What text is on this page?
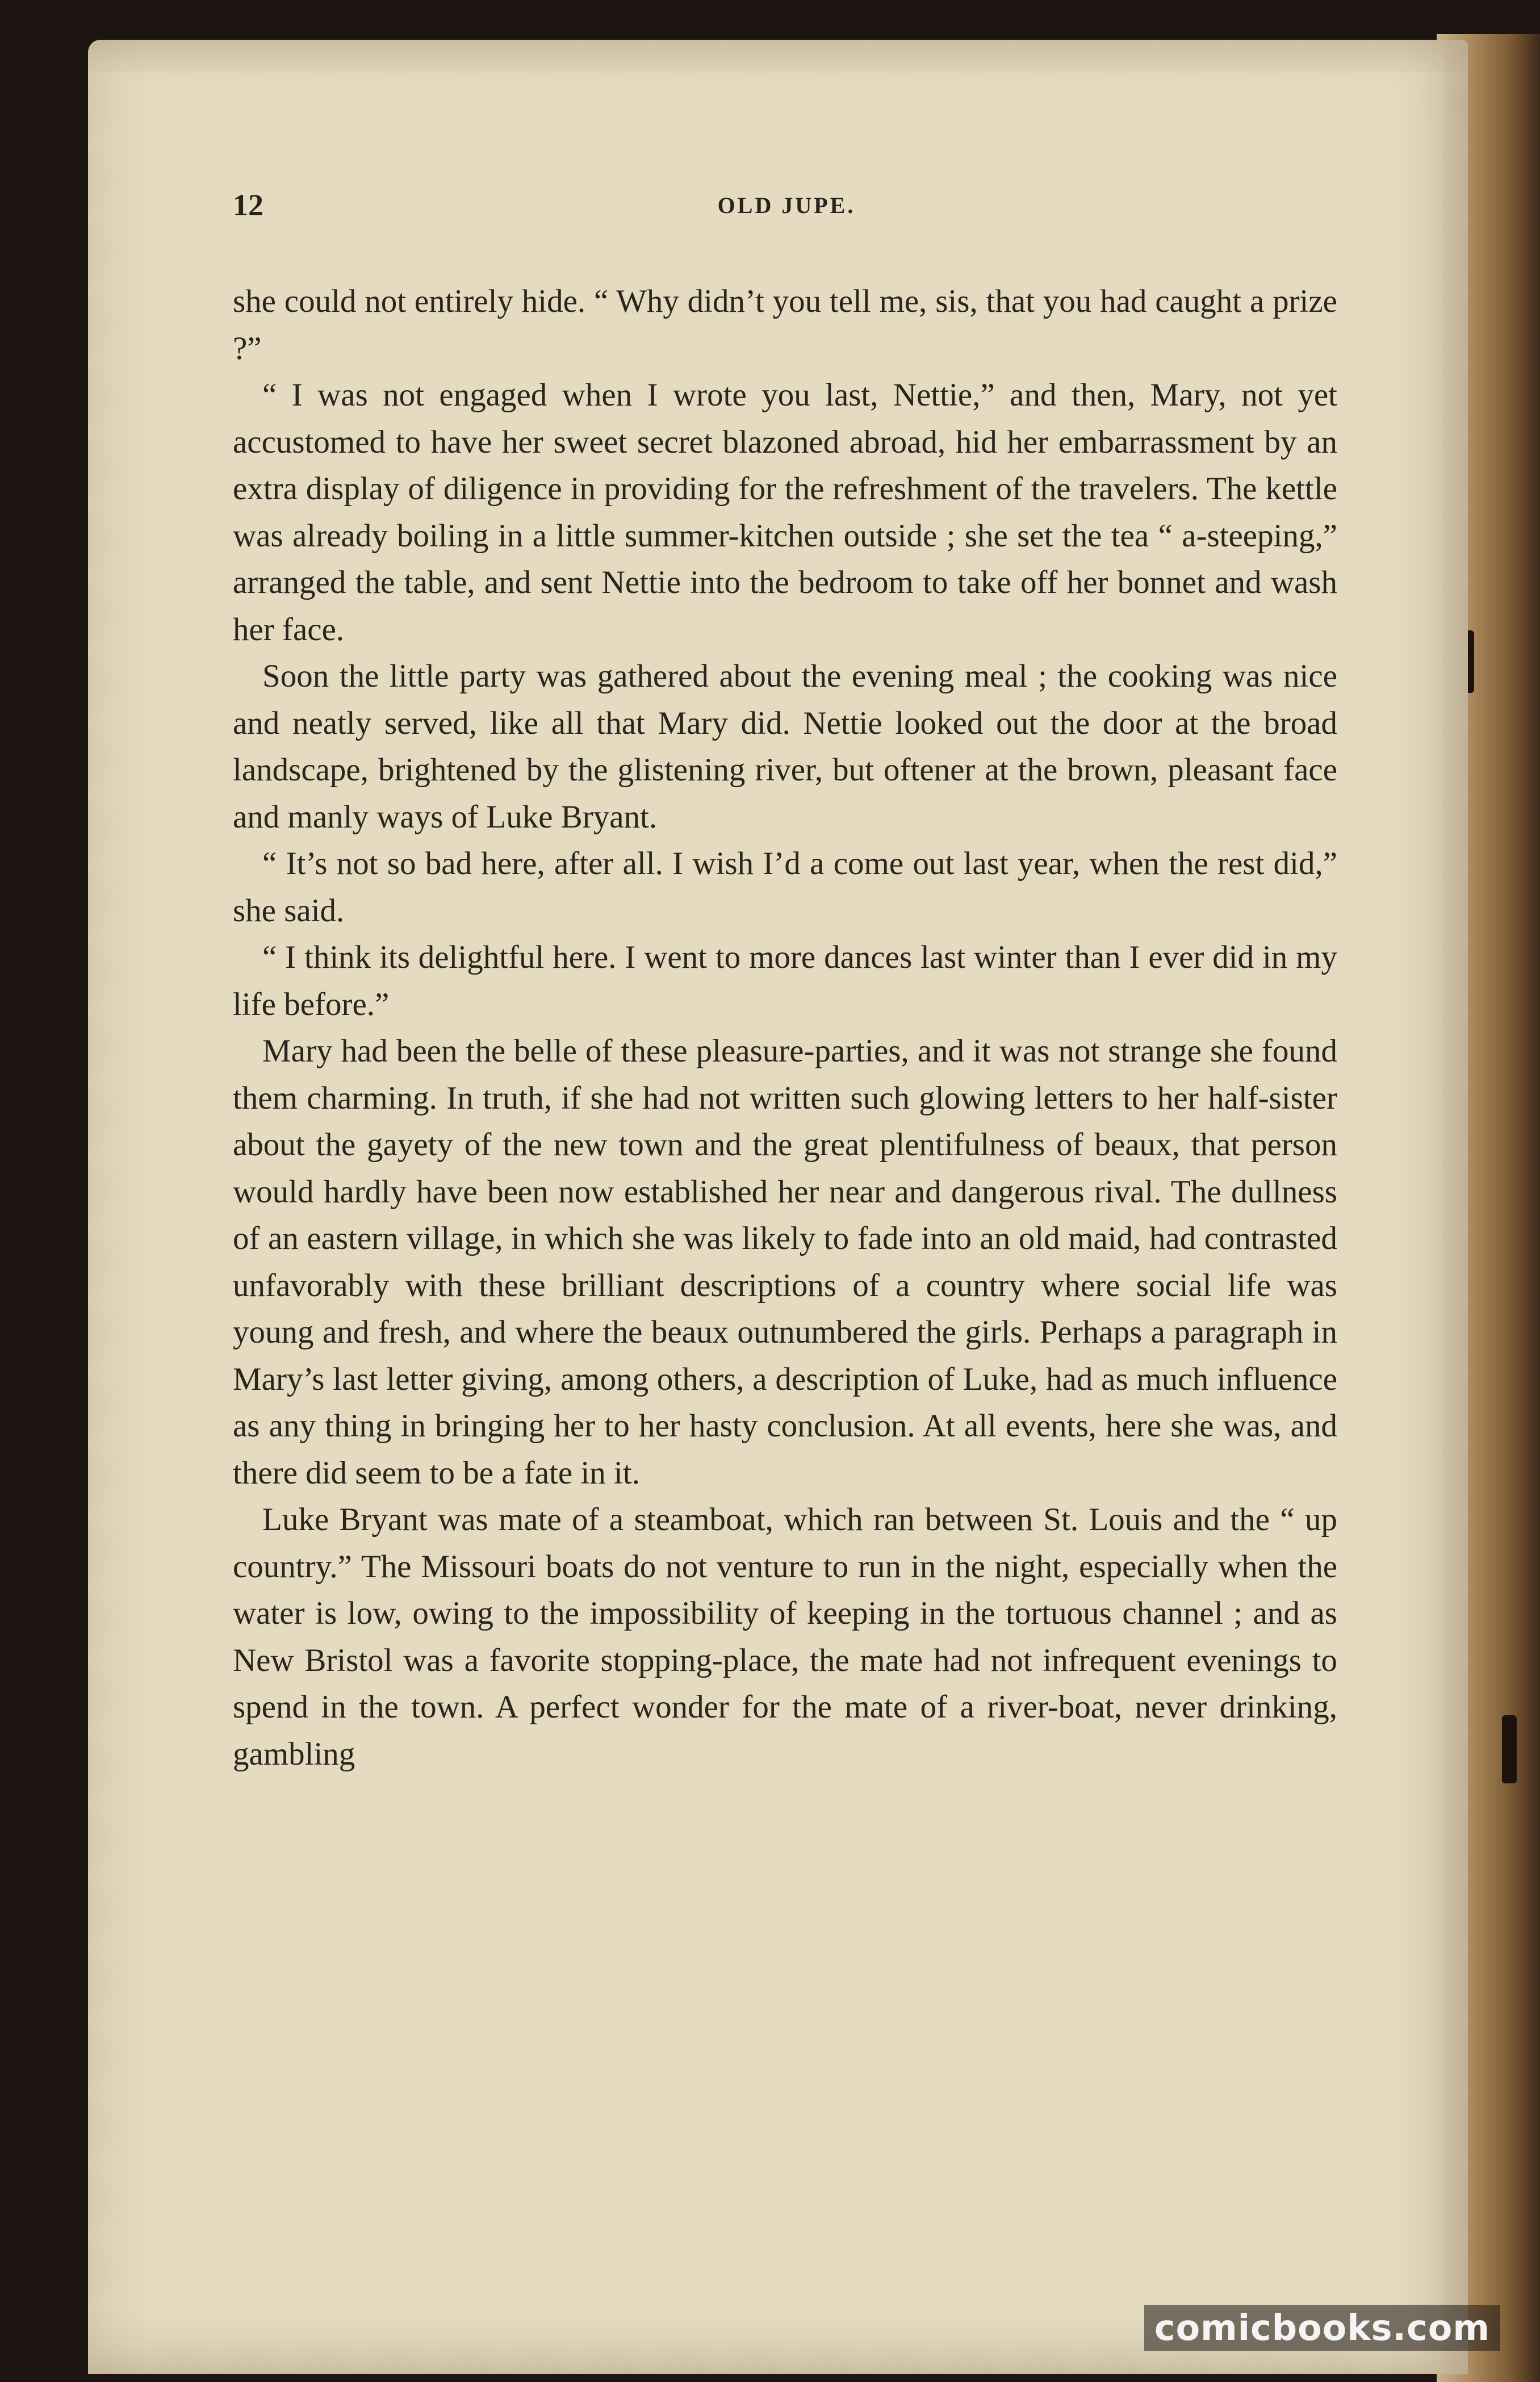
12	OLD JUPE.

she could not entirely hide. “ Why didn’t you tell me, sis, that you had caught a prize ?”

“ I was not engaged when I wrote you last, Nettie,” and then, Mary, not yet accustomed to have her sweet secret blazoned abroad, hid her embarrassment by an extra display of diligence in providing for the refreshment of the travelers. The kettle was already boiling in a little summer-kitchen outside ; she set the tea “ a-steeping,” arranged the table, and sent Nettie into the bedroom to take off her bonnet and wash her face.

Soon the little party was gathered about the evening meal ; the cooking was nice and neatly served, like all that Mary did. Nettie looked out the door at the broad landscape, brightened by the glistening river, but oftener at the brown, pleasant face and manly ways of Luke Bryant.

“ It’s not so bad here, after all. I wish I’d a come out last year, when the rest did,” she said.

“ I think its delightful here. I went to more dances last winter than I ever did in my life before.”

Mary had been the belle of these pleasure-parties, and it was not strange she found them charming. In truth, if she had not written such glowing letters to her half-sister about the gayety of the new town and the great plentifulness of beaux, that person would hardly have been now established her near and dangerous rival. The dullness of an eastern village, in which she was likely to fade into an old maid, had contrasted unfavorably with these brilliant descriptions of a country where social life was young and fresh, and where the beaux outnumbered the girls. Perhaps a paragraph in Mary’s last letter giving, among others, a description of Luke, had as much influence as any thing in bringing her to her hasty conclusion. At all events, here she was, and there did seem to be a fate in it.

Luke Bryant was mate of a steamboat, which ran between St. Louis and the “ up country.” The Missouri boats do not venture to run in the night, especially when the water is low, owing to the impossibility of keeping in the tortuous channel ; and as New Bristol was a favorite stopping-place, the mate had not infrequent evenings to spend in the town. A perfect wonder for the mate of a river-boat, never drinking, gambling

comicbooks.com
